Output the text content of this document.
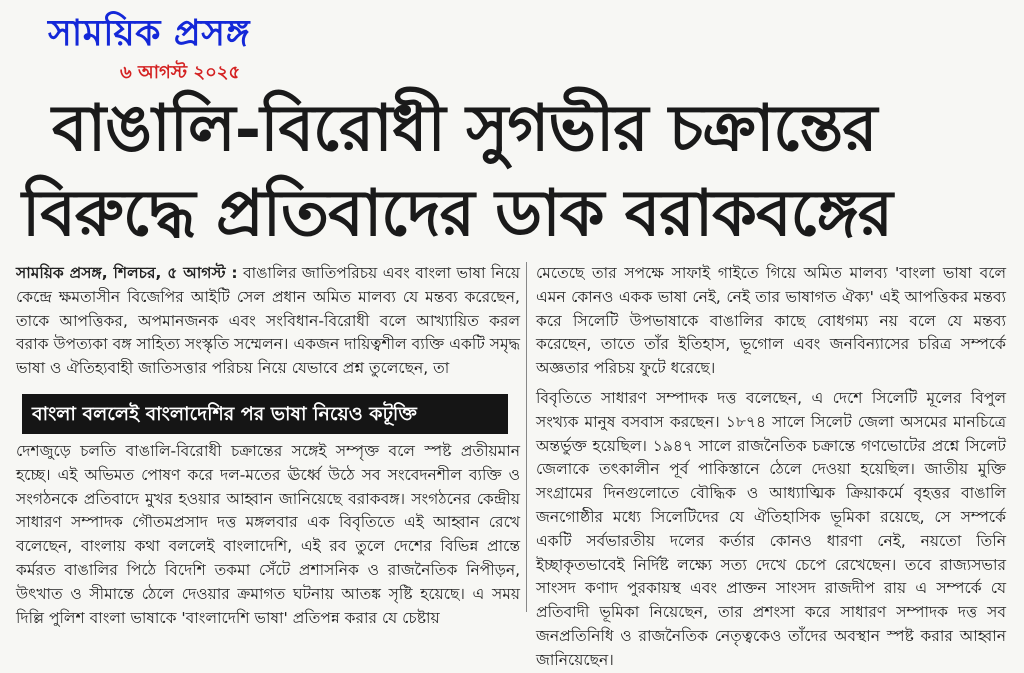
সাময়িক প্রসঙ্গ
৬ আগস্ট ২০২৫
বাঙালি-বিরোধী সুগভীর চক্রান্তের
বিরুদ্ধে প্রতিবাদের ডাক বরাকবঙ্গের

সাময়িক প্রসঙ্গ, শিলচর, ৫ আগস্ট : বাঙালির জাতিপরিচয় এবং বাংলা ভাষা নিয়ে কেন্দ্রে ক্ষমতাসীন বিজেপির আইটি সেল প্রধান অমিত মালব্য যে মন্তব্য করেছেন, তাকে আপত্তিকর, অপমানজনক এবং সংবিধান-বিরোধী বলে আখ্যায়িত করল বরাক উপত্যকা বঙ্গ সাহিত্য সংস্কৃতি সম্মেলন। একজন দায়িত্বশীল ব্যক্তি একটি সমৃদ্ধ ভাষা ও ঐতিহ্যবাহী জাতিসত্তার পরিচয় নিয়ে যেভাবে প্রশ্ন তুলেছেন, তা

বাংলা বললেই বাংলাদেশির পর ভাষা নিয়েও কটূক্তি

দেশজুড়ে চলতি বাঙালি-বিরোধী চক্রান্তের সঙ্গেই সম্পৃক্ত বলে স্পষ্ট প্রতীয়মান হচ্ছে। এই অভিমত পোষণ করে দল-মতের ঊর্ধ্বে উঠে সব সংবেদনশীল ব্যক্তি ও সংগঠনকে প্রতিবাদে মুখর হওয়ার আহ্বান জানিয়েছে বরাকবঙ্গ। সংগঠনের কেন্দ্রীয় সাধারণ সম্পাদক গৌতমপ্রসাদ দত্ত মঙ্গলবার এক বিবৃতিতে এই আহ্বান রেখে বলেছেন, বাংলায় কথা বললেই বাংলাদেশি, এই রব তুলে দেশের বিভিন্ন প্রান্তে কর্মরত বাঙালির পিঠে বিদেশি তকমা সেঁটে প্রশাসনিক ও রাজনৈতিক নিপীড়ন, উৎখাত ও সীমান্তে ঠেলে দেওয়ার ক্রমাগত ঘটনায় আতঙ্ক সৃষ্টি হয়েছে। এ সময় দিল্লি পুলিশ বাংলা ভাষাকে 'বাংলাদেশি ভাষা' প্রতিপন্ন করার যে চেষ্টায়

মেতেছে তার সপক্ষে সাফাই গাইতে গিয়ে অমিত মালব্য 'বাংলা ভাষা বলে এমন কোনও একক ভাষা নেই, নেই তার ভাষাগত ঐক্য' এই আপত্তিকর মন্তব্য করে সিলেটি উপভাষাকে বাঙালির কাছে বোধগম্য নয় বলে যে মন্তব্য করেছেন, তাতে তাঁর ইতিহাস, ভূগোল এবং জনবিন্যাসের চরিত্র সম্পর্কে অজ্ঞতার পরিচয় ফুটে ধরেছে।

বিবৃতিতে সাধারণ সম্পাদক দত্ত বলেছেন, এ দেশে সিলেটি মূলের বিপুল সংখ্যক মানুষ বসবাস করছেন। ১৮৭৪ সালে সিলেট জেলা অসমের মানচিত্রে অন্তর্ভুক্ত হয়েছিল। ১৯৪৭ সালে রাজনৈতিক চক্রান্তে গণভোটের প্রশ্নে সিলেট জেলাকে তৎকালীন পূর্ব পাকিস্তানে ঠেলে দেওয়া হয়েছিল। জাতীয় মুক্তি সংগ্রামের দিনগুলোতে বৌদ্ধিক ও আধ্যাত্মিক ক্রিয়াকর্মে বৃহত্তর বাঙালি জনগোষ্ঠীর মধ্যে সিলেটিদের যে ঐতিহাসিক ভূমিকা রয়েছে, সে সম্পর্কে একটি সর্বভারতীয় দলের কর্তার কোনও ধারণা নেই, নয়তো তিনি ইচ্ছাকৃতভাবেই নির্দিষ্ট লক্ষ্যে সত্য দেখে চেপে রেখেছেন। তবে রাজ্যসভার সাংসদ কণাদ পুরকায়স্থ এবং প্রাক্তন সাংসদ রাজদীপ রায় এ সম্পর্কে যে প্রতিবাদী ভূমিকা নিয়েছেন, তার প্রশংসা করে সাধারণ সম্পাদক দত্ত সব জনপ্রতিনিধি ও রাজনৈতিক নেতৃত্বকেও তাঁদের অবস্থান স্পষ্ট করার আহ্বান জানিয়েছেন।
